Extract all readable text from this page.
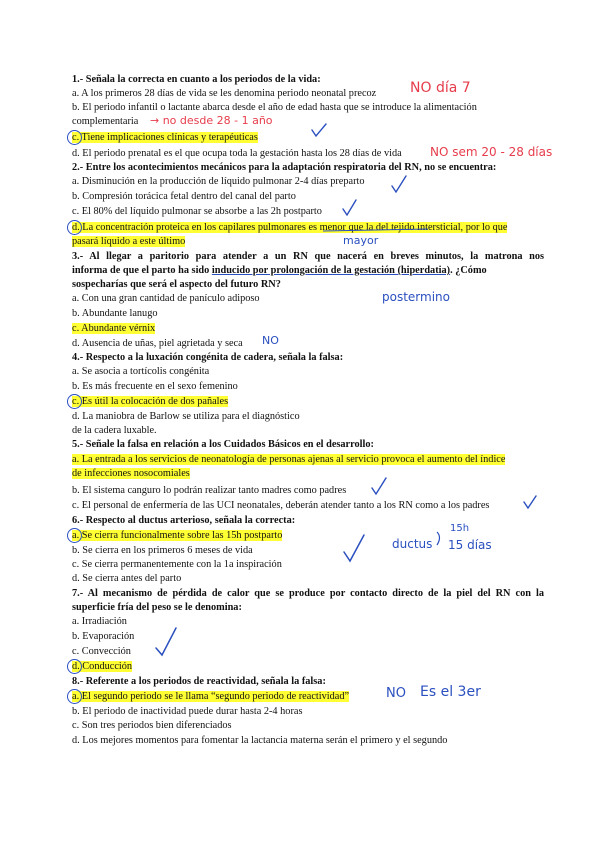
1.- Señala la correcta en cuanto a los periodos de la vida:
a. A los primeros 28 días de vida se les denomina periodo neonatal precoz
b. El periodo infantil o lactante abarca desde el año de edad hasta que se introduce la alimentación
complementaria
c. Tiene implicaciones clínicas y terapéuticas
d. El periodo prenatal es el que ocupa toda la gestación hasta los 28 días de vida
2.- Entre los acontecimientos mecánicos para la adaptación respiratoria del RN, no se encuentra:
a. Disminución en la producción de líquido pulmonar 2-4 días preparto
b. Compresión torácica fetal dentro del canal del parto
c. El 80% del líquido pulmonar se absorbe a las 2h postparto
d. La concentración proteica en los capilares pulmonares es menor que la del tejido intersticial, por lo que
pasará líquido a este último
3.- Al llegar a paritorio para atender a un RN que nacerá en breves minutos, la matrona nos
informa de que el parto ha sido inducido por prolongación de la gestación (hiperdatia). ¿Cómo
sospecharías que será el aspecto del futuro RN?
a. Con una gran cantidad de panículo adiposo
b. Abundante lanugo
c. Abundante vérnix
d. Ausencia de uñas, piel agrietada y seca
4.- Respecto a la luxación congénita de cadera, señala la falsa:
a. Se asocia a tortícolis congénita
b. Es más frecuente en el sexo femenino
c. Es útil la colocación de dos pañales
d. La maniobra de Barlow se utiliza para el diagnóstico
de la cadera luxable.
5.- Señale la falsa en relación a los Cuidados Básicos en el desarrollo:
a. La entrada a los servicios de neonatología de personas ajenas al servicio provoca el aumento del índice
de infecciones nosocomiales
b. El sistema canguro lo podrán realizar tanto madres como padres
c. El personal de enfermería de las UCI neonatales, deberán atender tanto a los RN como a los padres
6.- Respecto al ductus arterioso, señala la correcta:
a. Se cierra funcionalmente sobre las 15h postparto
b. Se cierra en los primeros 6 meses de vida
c. Se cierra permanentemente con la 1a inspiración
d. Se cierra antes del parto
7.- Al mecanismo de pérdida de calor que se produce por contacto directo de la piel del RN con la
superficie fría del peso se le denomina:
a. Irradiación
b. Evaporación
c. Convección
d. Conducción
8.- Referente a los periodos de reactividad, señala la falsa:
a. El segundo periodo se le llama “segundo periodo de reactividad”
b. El periodo de inactividad puede durar hasta 2-4 horas
c. Son tres periodos bien diferenciados
d. Los mejores momentos para fomentar la lactancia materna serán el primero y el segundo
NO día 7
→ no desde 28 - 1 año
NO sem 20 - 28 días
mayor
postermino
NO
ductus
15h
15 días
NO Es el 3er
